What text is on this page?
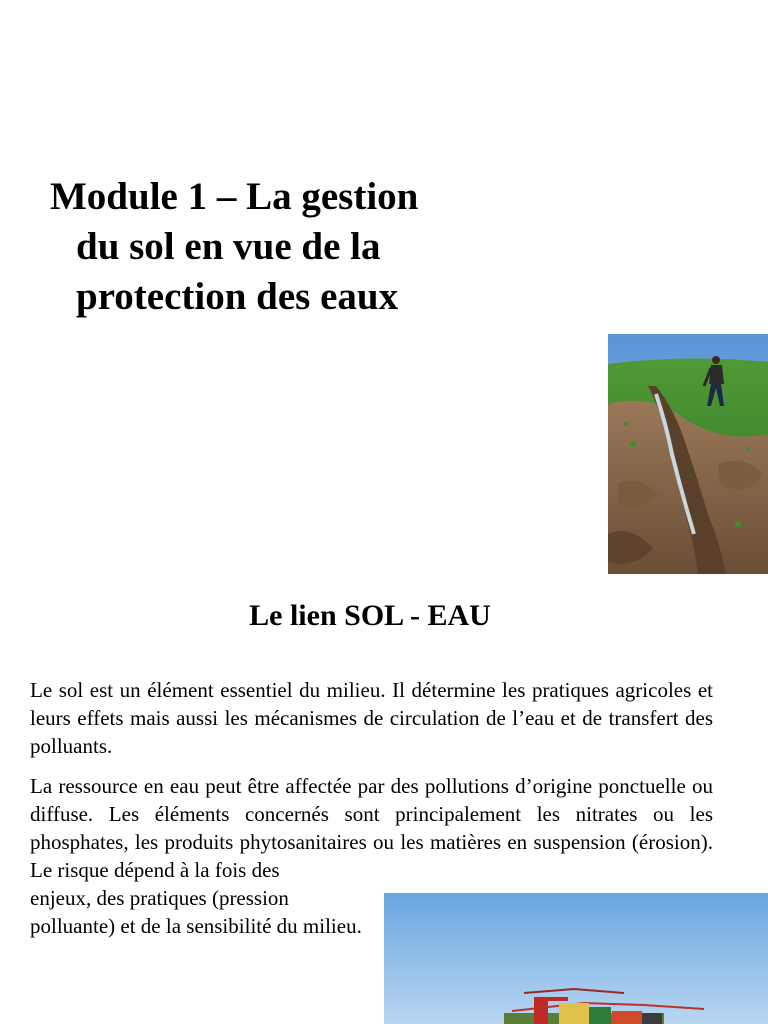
Module 1 – La gestion
du sol en vue de la
protection des eaux
Le lien SOL - EAU

Le sol est un élément essentiel du milieu. Il détermine les pratiques agricoles et leurs effets mais aussi les mécanismes de circulation de l’eau et de transfert des polluants.

La ressource en eau peut être affectée par des pollutions d’origine ponctuelle ou diffuse. Les éléments concernés sont principalement les nitrates ou les phosphates, les produits phytosanitaires ou les matières en suspension (érosion). Le risque dépend à la fois des

enjeux, des pratiques (pression polluante) et de la sensibilité du milieu.
